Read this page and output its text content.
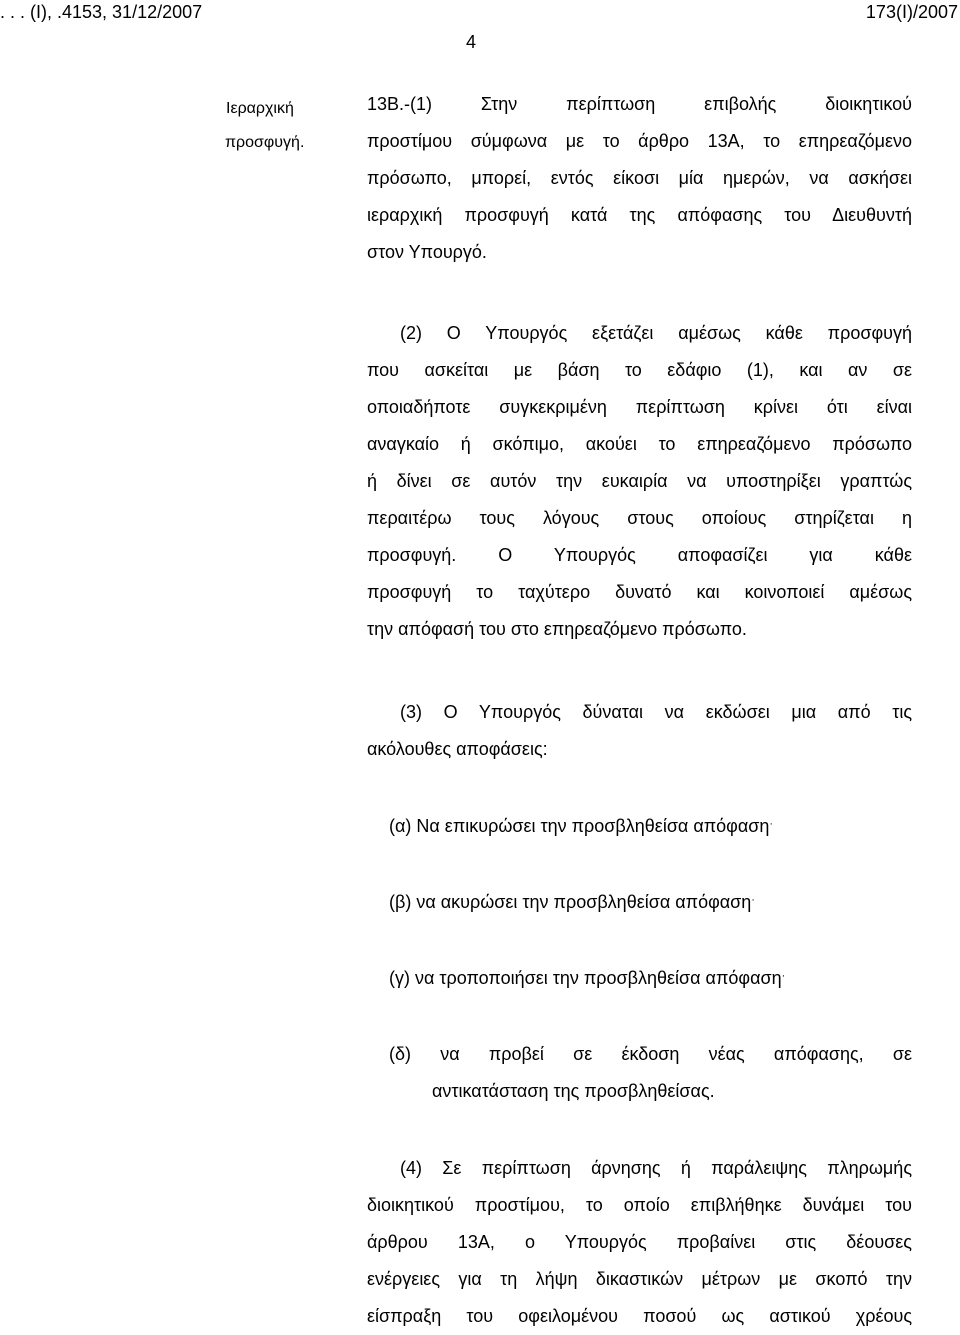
. . . (I), .4153, 31/12/2007	173(I)/2007
4
Ιεραρχική
προσφυγή.
13Β.-(1) Στην περίπτωση επιβολής διοικητικού
προστίμου σύμφωνα με το άρθρο 13Α, το επηρεαζόμενο
πρόσωπο, μπορεί, εντός είκοσι μία ημερών, να ασκήσει
ιεραρχική προσφυγή κατά της απόφασης του Διευθυντή
στον Υπουργό.
(2) Ο Υπουργός εξετάζει αμέσως κάθε προσφυγή
που ασκείται με βάση το εδάφιο (1), και αν σε
οποιαδήποτε συγκεκριμένη περίπτωση κρίνει ότι είναι
αναγκαίο ή σκόπιμο, ακούει το επηρεαζόμενο πρόσωπο
ή δίνει σε αυτόν την ευκαιρία να υποστηρίξει γραπτώς
περαιτέρω τους λόγους στους οποίους στηρίζεται η
προσφυγή. Ο Υπουργός αποφασίζει για κάθε
προσφυγή το ταχύτερο δυνατό και κοινοποιεί αμέσως
την απόφασή του στο επηρεαζόμενο πρόσωπο.
(3) Ο Υπουργός δύναται να εκδώσει μια από τις
ακόλουθες αποφάσεις:
(α) Να επικυρώσει την προσβληθείσα απόφαση·
(β) να ακυρώσει την προσβληθείσα απόφαση·
(γ) να τροποποιήσει την προσβληθείσα απόφαση·
(δ) να προβεί σε έκδοση νέας απόφασης, σε
αντικατάσταση της προσβληθείσας.
(4) Σε περίπτωση άρνησης ή παράλειψης πληρωμής
διοικητικού προστίμου, το οποίο επιβλήθηκε δυνάμει του
άρθρου 13Α, ο Υπουργός προβαίνει στις δέουσες
ενέργειες για τη λήψη δικαστικών μέτρων με σκοπό την
είσπραξη του οφειλομένου ποσού ως αστικού χρέους
